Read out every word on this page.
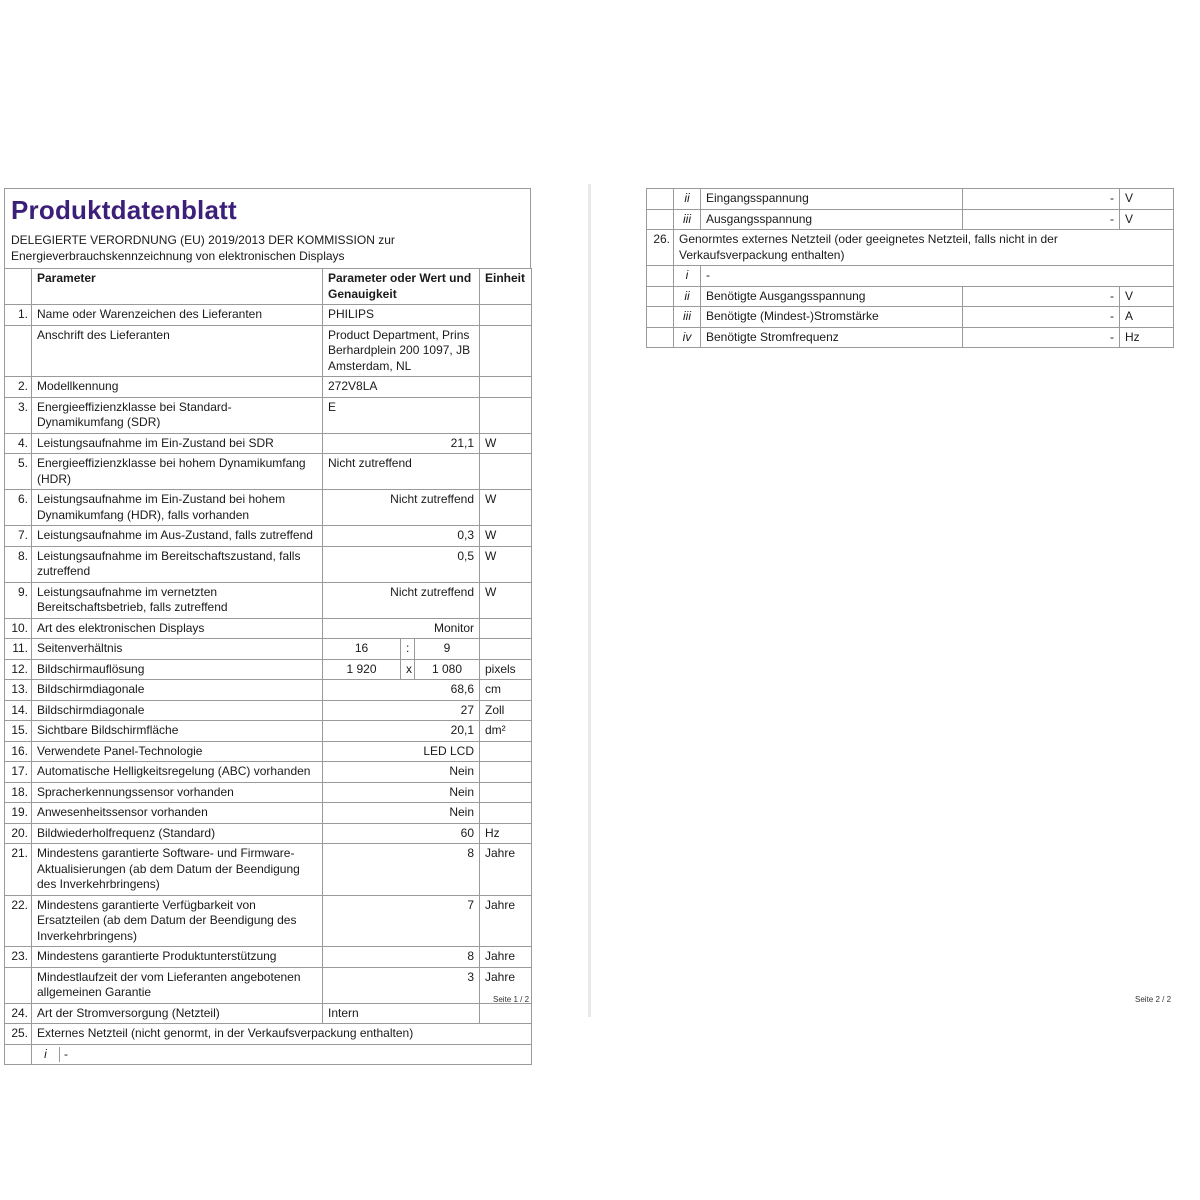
Produktdatenblatt
DELEGIERTE VERORDNUNG (EU) 2019/2013 DER KOMMISSION zur
Energieverbrauchskennzeichnung von elektronischen Displays
	Parameter	Parameter oder Wert und Genauigkeit			Einheit
1.	Name oder Warenzeichen des Lieferanten	PHILIPS			
	Anschrift des Lieferanten	Product Department, Prins Berhardplein 200 1097, JB Amsterdam, NL			
2.	Modellkennung	272V8LA			
3.	Energieeffizienzklasse bei Standard-Dynamikumfang (SDR)	E			
4.	Leistungsaufnahme im Ein-Zustand bei SDR	21,1			W
5.	Energieeffizienzklasse bei hohem Dynamikumfang (HDR)	Nicht zutreffend			
6.	Leistungsaufnahme im Ein-Zustand bei hohem Dynamikumfang (HDR), falls vorhanden	Nicht zutreffend			W
7.	Leistungsaufnahme im Aus-Zustand, falls zutreffend	0,3			W
8.	Leistungsaufnahme im Bereitschaftszustand, falls zutreffend	0,5			W
9.	Leistungsaufnahme im vernetzten Bereitschaftsbetrieb, falls zutreffend	Nicht zutreffend			W
10.	Art des elektronischen Displays	Monitor			
11.	Seitenverhältnis	16	:	9	
12.	Bildschirmauflösung	1 920	x	1 080	pixels
13.	Bildschirmdiagonale	68,6			cm
14.	Bildschirmdiagonale	27			Zoll
15.	Sichtbare Bildschirmfläche	20,1			dm²
16.	Verwendete Panel-Technologie	LED LCD			
17.	Automatische Helligkeitsregelung (ABC) vorhanden	Nein			
18.	Spracherkennungssensor vorhanden	Nein			
19.	Anwesenheitssensor vorhanden	Nein			
20.	Bildwiederholfrequenz (Standard)	60			Hz
21.	Mindestens garantierte Software- und Firmware-Aktualisierungen (ab dem Datum der Beendigung des Inverkehrbringens)	8			Jahre
22.	Mindestens garantierte Verfügbarkeit von Ersatzteilen (ab dem Datum der Beendigung des Inverkehrbringens)	7			Jahre
23.	Mindestens garantierte Produktunterstützung	8			Jahre
	Mindestlaufzeit der vom Lieferanten angebotenen allgemeinen Garantie	3			Jahre
24.	Art der Stromversorgung (Netzteil)	Intern			
25.	Externes Netzteil (nicht genormt, in der Verkaufsverpackung enthalten)				
	i -				
Seite 1 / 2
	ii	Eingangsspannung	-	V
	iii	Ausgangsspannung	-	V
26.	Genormtes externes Netzteil (oder geeignetes Netzteil, falls nicht in der Verkaufsverpackung enthalten)			
	i	-		
	ii	Benötigte Ausgangsspannung	-	V
	iii	Benötigte (Mindest-)Stromstärke	-	A
	iv	Benötigte Stromfrequenz	-	Hz
Seite 2 / 2
